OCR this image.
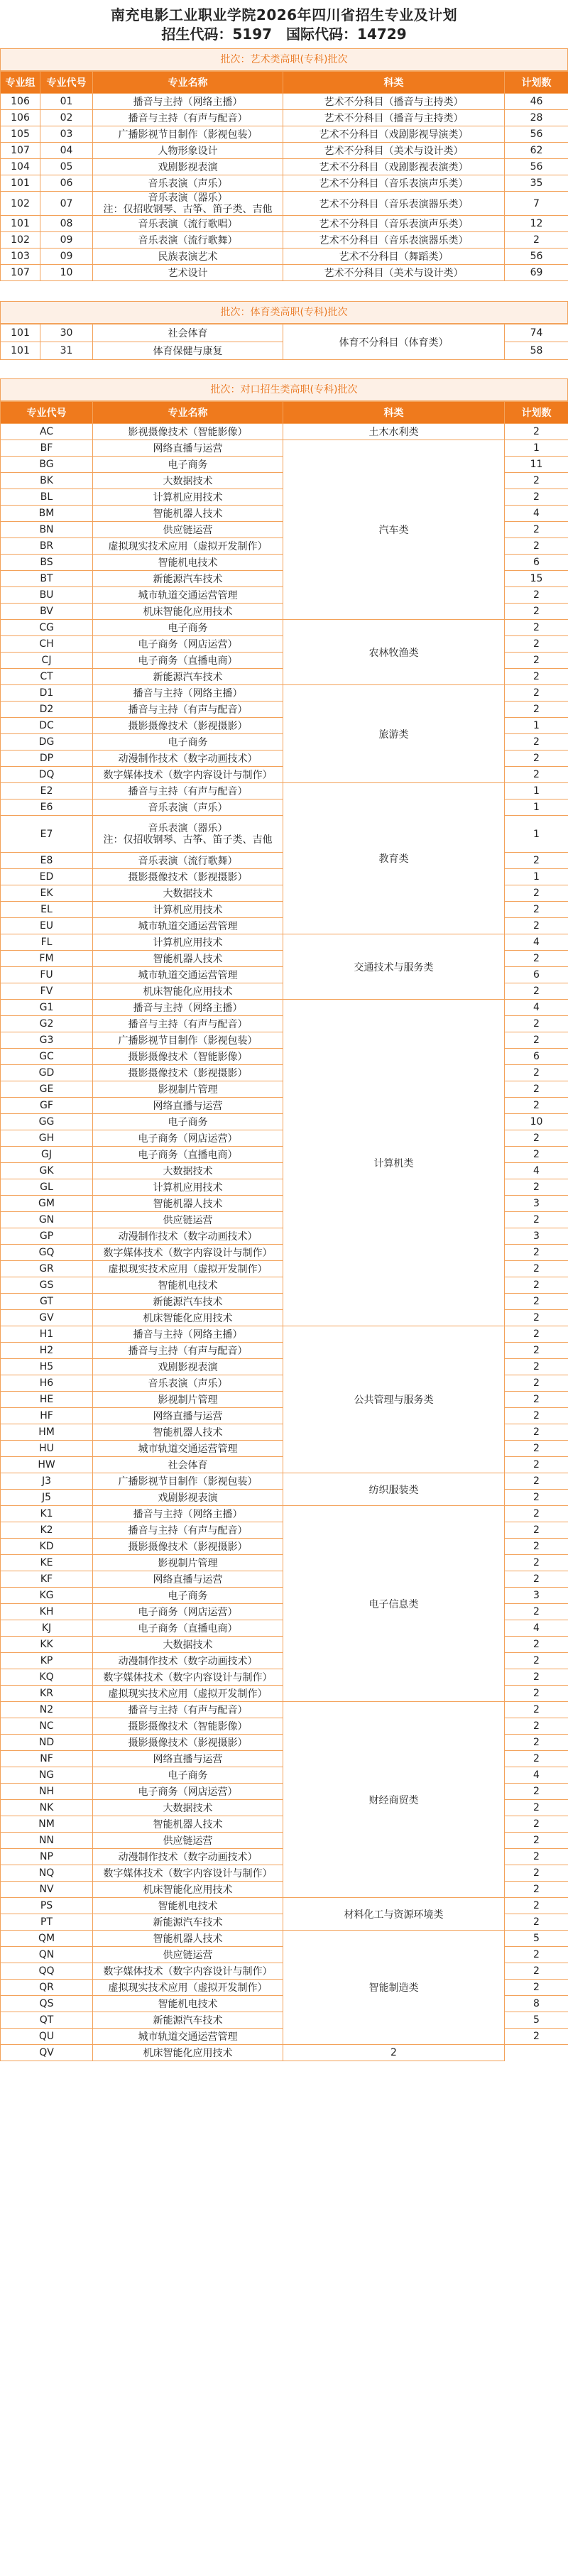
南充电影工业职业学院2026年四川省招生专业及计划
招生代码：5197　国际代码：14729
批次：艺术类高职(专科)批次
专业组	专业代号	专业名称	科类	计划数
106	01	播音与主持（网络主播）	艺术不分科目（播音与主持类）	46
106	02	播音与主持（有声与配音）	艺术不分科目（播音与主持类）	28
105	03	广播影视节目制作（影视包装）	艺术不分科目（戏剧影视导演类）	56
107	04	人物形象设计	艺术不分科目（美术与设计类）	62
104	05	戏剧影视表演	艺术不分科目（戏剧影视表演类）	56
101	06	音乐表演（声乐）	艺术不分科目（音乐表演声乐类）	35
102	07	音乐表演（器乐）
注：仅招收钢琴、古筝、笛子类、吉他	艺术不分科目（音乐表演器乐类）	7
101	08	音乐表演（流行歌唱）	艺术不分科目（音乐表演声乐类）	12
102	09	音乐表演（流行歌舞）	艺术不分科目（音乐表演器乐类）	2
103	09	民族表演艺术	艺术不分科目（舞蹈类）	56
107	10	艺术设计	艺术不分科目（美术与设计类）	69
批次：体育类高职(专科)批次
101	30	社会体育	体育不分科目（体育类）	74
101	31	体育保健与康复		58
批次：对口招生类高职(专科)批次
专业代号	专业名称	科类	计划数
AC	影视摄像技术（智能影像）	土木水利类	2
BF	网络直播与运营	汽车类	1
BG	电子商务		11
BK	大数据技术		2
BL	计算机应用技术		2
BM	智能机器人技术		4
BN	供应链运营		2
BR	虚拟现实技术应用（虚拟开发制作）		2
BS	智能机电技术		6
BT	新能源汽车技术		15
BU	城市轨道交通运营管理		2
BV	机床智能化应用技术		2
CG	电子商务	农林牧渔类	2
CH	电子商务（网店运营）		2
CJ	电子商务（直播电商）		2
CT	新能源汽车技术		2
D1	播音与主持（网络主播）	旅游类	2
D2	播音与主持（有声与配音）		2
DC	摄影摄像技术（影视摄影）		1
DG	电子商务		2
DP	动漫制作技术（数字动画技术）		2
DQ	数字媒体技术（数字内容设计与制作）		2
E2	播音与主持（有声与配音）	教育类	1
E6	音乐表演（声乐）		1
E7	音乐表演（器乐）
注：仅招收钢琴、古筝、笛子类、吉他		1
E8	音乐表演（流行歌舞）		2
ED	摄影摄像技术（影视摄影）		1
EK	大数据技术		2
EL	计算机应用技术		2
EU	城市轨道交通运营管理		2
FL	计算机应用技术	交通技术与服务类	4
FM	智能机器人技术		2
FU	城市轨道交通运营管理		6
FV	机床智能化应用技术		2
G1	播音与主持（网络主播）	计算机类	4
G2	播音与主持（有声与配音）		2
G3	广播影视节目制作（影视包装）		2
GC	摄影摄像技术（智能影像）		6
GD	摄影摄像技术（影视摄影）		2
GE	影视制片管理		2
GF	网络直播与运营		2
GG	电子商务		10
GH	电子商务（网店运营）		2
GJ	电子商务（直播电商）		2
GK	大数据技术		4
GL	计算机应用技术		2
GM	智能机器人技术		3
GN	供应链运营		2
GP	动漫制作技术（数字动画技术）		3
GQ	数字媒体技术（数字内容设计与制作）		2
GR	虚拟现实技术应用（虚拟开发制作）		2
GS	智能机电技术		2
GT	新能源汽车技术		2
GV	机床智能化应用技术		2
H1	播音与主持（网络主播）	公共管理与服务类	2
H2	播音与主持（有声与配音）		2
H5	戏剧影视表演		2
H6	音乐表演（声乐）		2
HE	影视制片管理		2
HF	网络直播与运营		2
HM	智能机器人技术		2
HU	城市轨道交通运营管理		2
HW	社会体育		2
J3	广播影视节目制作（影视包装）	纺织服装类	2
J5	戏剧影视表演		2
K1	播音与主持（网络主播）	电子信息类	2
K2	播音与主持（有声与配音）		2
KD	摄影摄像技术（影视摄影）		2
KE	影视制片管理		2
KF	网络直播与运营		2
KG	电子商务		3
KH	电子商务（网店运营）		2
KJ	电子商务（直播电商）		4
KK	大数据技术		2
KP	动漫制作技术（数字动画技术）		2
KQ	数字媒体技术（数字内容设计与制作）		2
KR	虚拟现实技术应用（虚拟开发制作）		2
N2	播音与主持（有声与配音）	财经商贸类	2
NC	摄影摄像技术（智能影像）		2
ND	摄影摄像技术（影视摄影）		2
NF	网络直播与运营		2
NG	电子商务		4
NH	电子商务（网店运营）		2
NK	大数据技术		2
NM	智能机器人技术		2
NN	供应链运营		2
NP	动漫制作技术（数字动画技术）		2
NQ	数字媒体技术（数字内容设计与制作）		2
NV	机床智能化应用技术		2
PS	智能机电技术	材料化工与资源环境类	2
PT	新能源汽车技术		2
QM	智能机器人技术	智能制造类	5
QN	供应链运营		2
QQ	数字媒体技术（数字内容设计与制作）		2
QR	虚拟现实技术应用（虚拟开发制作）		2
QS	智能机电技术		8
QT	新能源汽车技术		5
QU	城市轨道交通运营管理		2
QV	机床智能化应用技术	2	
